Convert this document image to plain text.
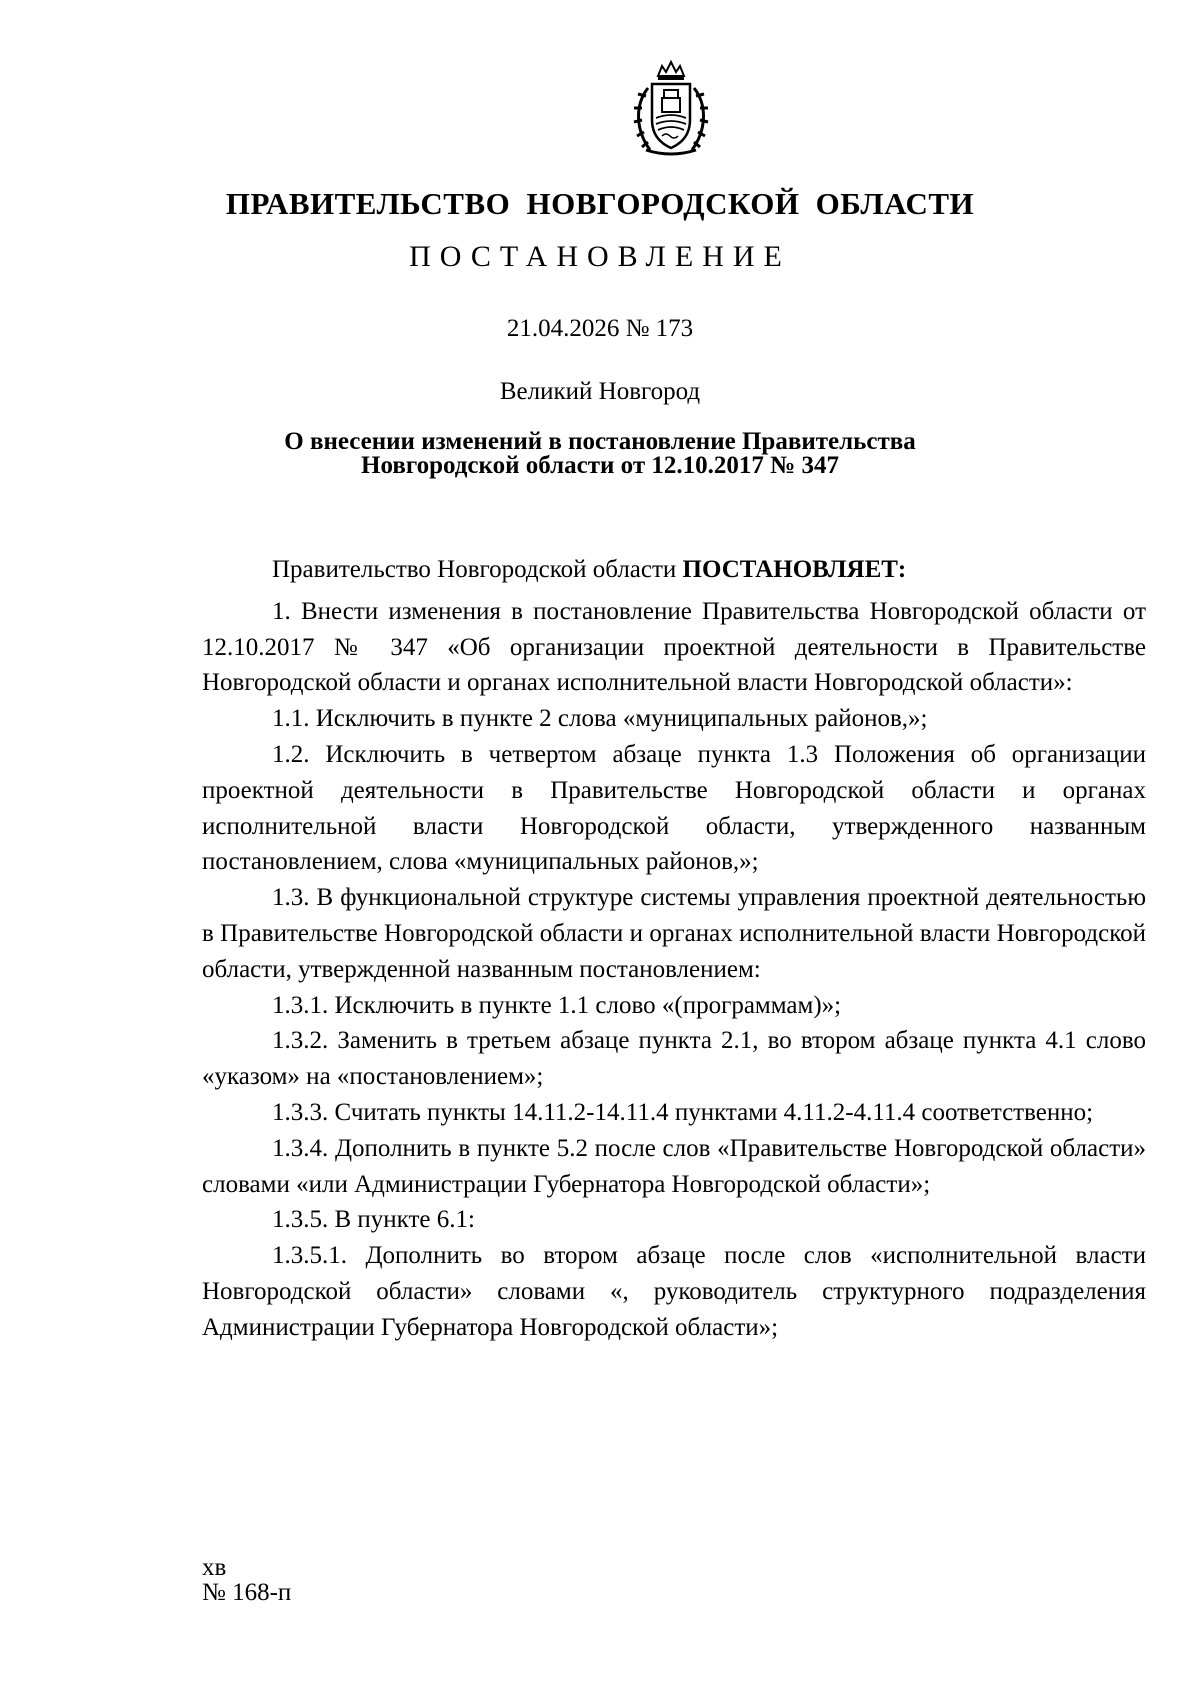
ПРАВИТЕЛЬСТВО НОВГОРОДСКОЙ ОБЛАСТИ
ПОСТАНОВЛЕНИЕ
21.04.2026 № 173
Великий Новгород
О внесении изменений в постановление Правительства
Новгородской области от 12.10.2017 № 347

Правительство Новгородской области ПОСТАНОВЛЯЕТ:

1. Внести изменения в постановление Правительства Новгородской области от 12.10.2017 № 347 «Об организации проектной деятельности в Правительстве Новгородской области и органах исполнительной власти Новгородской области»:

1.1. Исключить в пункте 2 слова «муниципальных районов,»;

1.2. Исключить в четвертом абзаце пункта 1.3 Положения об организации проектной деятельности в Правительстве Новгородской области и органах исполнительной власти Новгородской области, утвержденного названным постановлением, слова «муниципальных районов,»;

1.3. В функциональной структуре системы управления проектной деятельностью в Правительстве Новгородской области и органах исполнительной власти Новгородской области, утвержденной названным постановлением:

1.3.1. Исключить в пункте 1.1 слово «(программам)»;

1.3.2. Заменить в третьем абзаце пункта 2.1, во втором абзаце пункта 4.1 слово «указом» на «постановлением»;

1.3.3. Считать пункты 14.11.2-14.11.4 пунктами 4.11.2-4.11.4 соответственно;

1.3.4. Дополнить в пункте 5.2 после слов «Правительстве Новгородской области» словами «или Администрации Губернатора Новгородской области»;

1.3.5. В пункте 6.1:

1.3.5.1. Дополнить во втором абзаце после слов «исполнительной власти Новгородской области» словами «, руководитель структурного подразделения Администрации Губернатора Новгородской области»;

хв
№ 168-п
